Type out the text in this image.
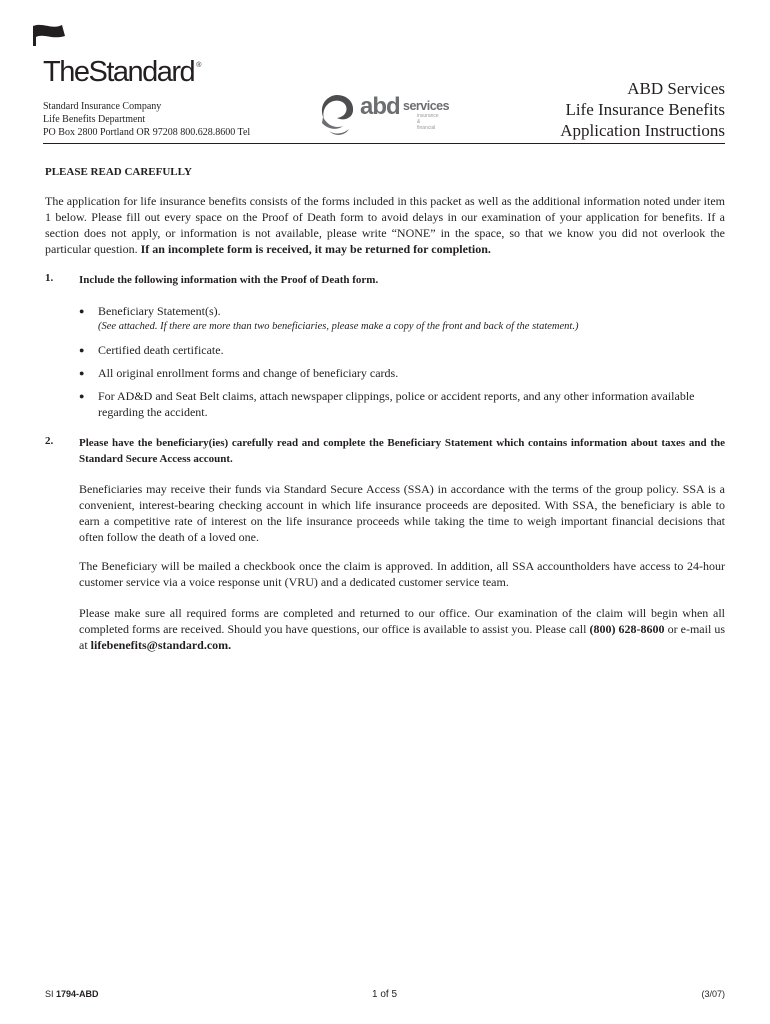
TheStandard ®
Standard Insurance Company
Life Benefits Department
PO Box 2800 Portland OR 97208 800.628.8600 Tel
abd services
insurance & financial
ABD Services
Life Insurance Benefits
Application Instructions
PLEASE READ CAREFULLY
The application for life insurance benefits consists of the forms included in this packet as well as the additional information noted under item 1 below. Please fill out every space on the Proof of Death form to avoid delays in our examination of your application for benefits. If a section does not apply, or information is not available, please write “NONE” in the space, so that we know you did not overlook the particular question. If an incomplete form is received, it may be returned for completion.
1. Include the following information with the Proof of Death form.
● Beneficiary Statement(s).
(See attached. If there are more than two beneficiaries, please make a copy of the front and back of the statement.)
● Certified death certificate.
● All original enrollment forms and change of beneficiary cards.
● For AD&D and Seat Belt claims, attach newspaper clippings, police or accident reports, and any other information available regarding the accident.
2. Please have the beneficiary(ies) carefully read and complete the Beneficiary Statement which contains information about taxes and the Standard Secure Access account.
Beneficiaries may receive their funds via Standard Secure Access (SSA) in accordance with the terms of the group policy. SSA is a convenient, interest-bearing checking account in which life insurance proceeds are deposited. With SSA, the beneficiary is able to earn a competitive rate of interest on the life insurance proceeds while taking the time to weigh important financial decisions that often follow the death of a loved one.
The Beneficiary will be mailed a checkbook once the claim is approved. In addition, all SSA accountholders have access to 24-hour customer service via a voice response unit (VRU) and a dedicated customer service team.
Please make sure all required forms are completed and returned to our office. Our examination of the claim will begin when all completed forms are received. Should you have questions, our office is available to assist you. Please call (800) 628-8600 or e-mail us at lifebenefits@standard.com.
SI 1794-ABD	1 of 5	(3/07)
